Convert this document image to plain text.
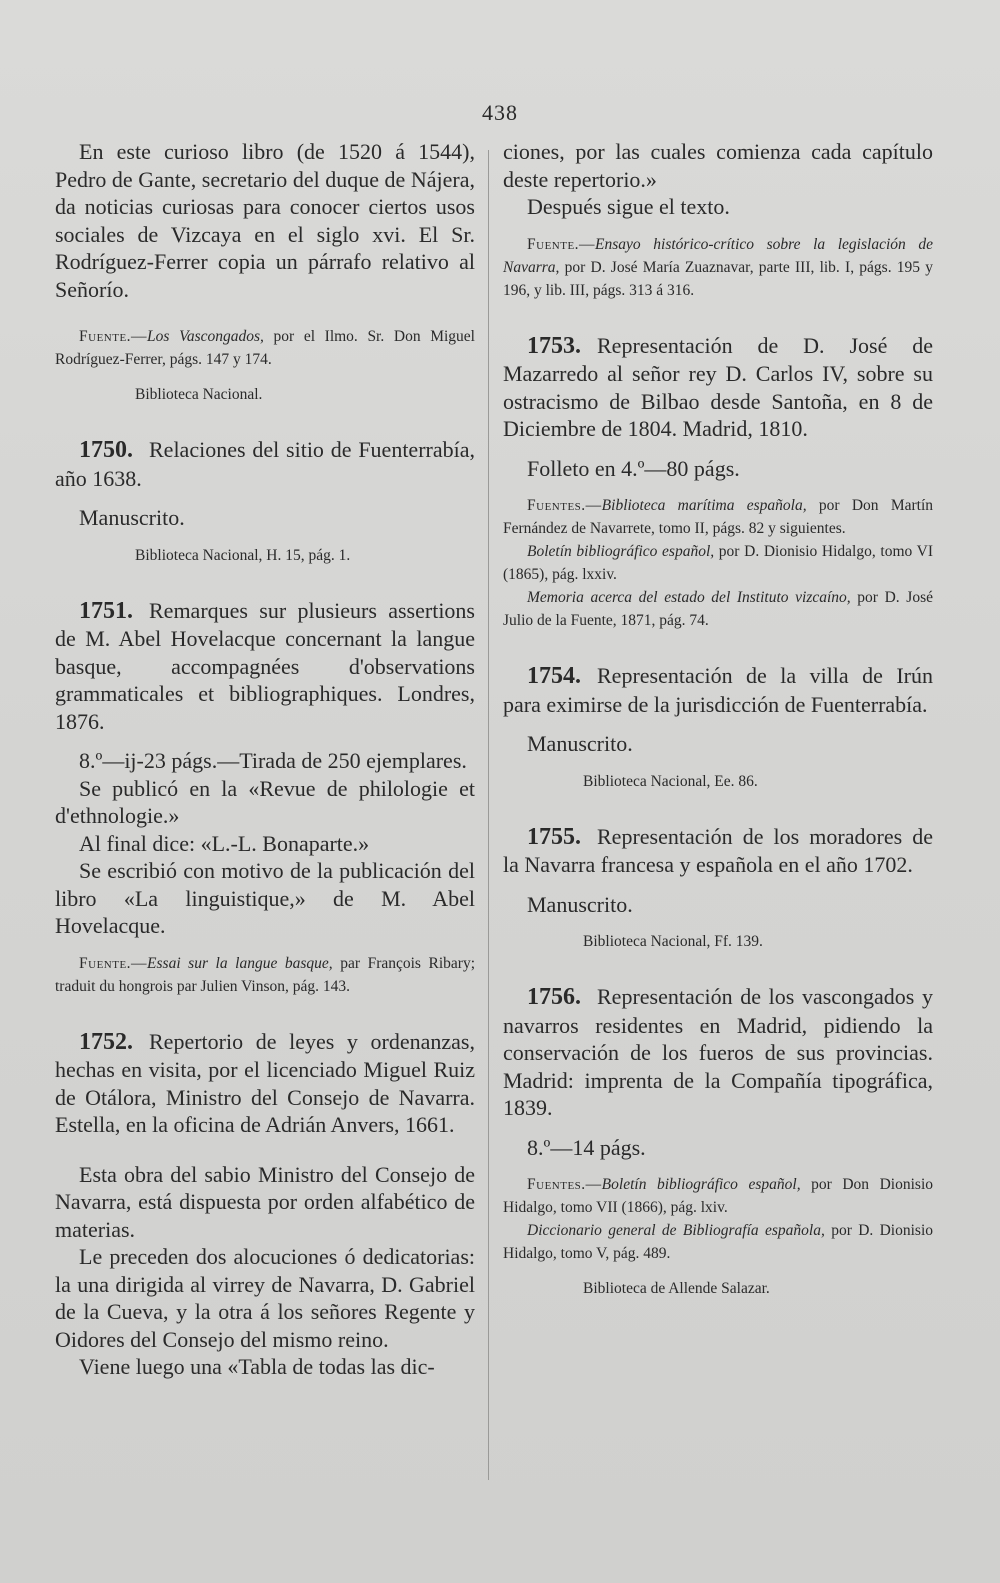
438

En este curioso libro (de 1520 á 1544), Pedro de Gante, secretario del duque de Nájera, da noticias curiosas para conocer ciertos usos sociales de Vizcaya en el siglo xvi. El Sr. Rodríguez-Ferrer copia un párrafo relativo al Señorío.

Fuente.—Los Vascongados, por el Ilmo. Sr. Don Miguel Rodríguez-Ferrer, págs. 147 y 174.

Biblioteca Nacional.

1750. Relaciones del sitio de Fuenterrabía, año 1638.

Manuscrito.

Biblioteca Nacional, H. 15, pág. 1.

1751. Remarques sur plusieurs assertions de M. Abel Hovelacque concernant la langue basque, accompagnées d'observations grammaticales et bibliographiques. Londres, 1876.

8.º—ij-23 págs.—Tirada de 250 ejemplares.

Se publicó en la «Revue de philologie et d'ethnologie.»

Al final dice: «L.-L. Bonaparte.»

Se escribió con motivo de la publicación del libro «La linguistique,» de M. Abel Hovelacque.

Fuente.—Essai sur la langue basque, par François Ribary; traduit du hongrois par Julien Vinson, pág. 143.

1752. Repertorio de leyes y ordenanzas, hechas en visita, por el licenciado Miguel Ruiz de Otálora, Ministro del Consejo de Navarra. Estella, en la oficina de Adrián Anvers, 1661.

Esta obra del sabio Ministro del Consejo de Navarra, está dispuesta por orden alfabético de materias.

Le preceden dos alocuciones ó dedicatorias: la una dirigida al virrey de Navarra, D. Gabriel de la Cueva, y la otra á los señores Regente y Oidores del Consejo del mismo reino.

Viene luego una «Tabla de todas las dic-

ciones, por las cuales comienza cada capítulo deste repertorio.»

Después sigue el texto.

Fuente.—Ensayo histórico-crítico sobre la legislación de Navarra, por D. José María Zuaznavar, parte III, lib. I, págs. 195 y 196, y lib. III, págs. 313 á 316.

1753. Representación de D. José de Mazarredo al señor rey D. Carlos IV, sobre su ostracismo de Bilbao desde Santoña, en 8 de Diciembre de 1804. Madrid, 1810.

Folleto en 4.º—80 págs.

Fuentes.—Biblioteca marítima española, por Don Martín Fernández de Navarrete, tomo II, págs. 82 y siguientes.

Boletín bibliográfico español, por D. Dionisio Hidalgo, tomo VI (1865), pág. lxxiv.

Memoria acerca del estado del Instituto vizcaíno, por D. José Julio de la Fuente, 1871, pág. 74.

1754. Representación de la villa de Irún para eximirse de la jurisdicción de Fuenterrabía.

Manuscrito.

Biblioteca Nacional, Ee. 86.

1755. Representación de los moradores de la Navarra francesa y española en el año 1702.

Manuscrito.

Biblioteca Nacional, Ff. 139.

1756. Representación de los vascongados y navarros residentes en Madrid, pidiendo la conservación de los fueros de sus provincias. Madrid: imprenta de la Compañía tipográfica, 1839.

8.º—14 págs.

Fuentes.—Boletín bibliográfico español, por Don Dionisio Hidalgo, tomo VII (1866), pág. lxiv.

Diccionario general de Bibliografía española, por D. Dionisio Hidalgo, tomo V, pág. 489.

Biblioteca de Allende Salazar.
